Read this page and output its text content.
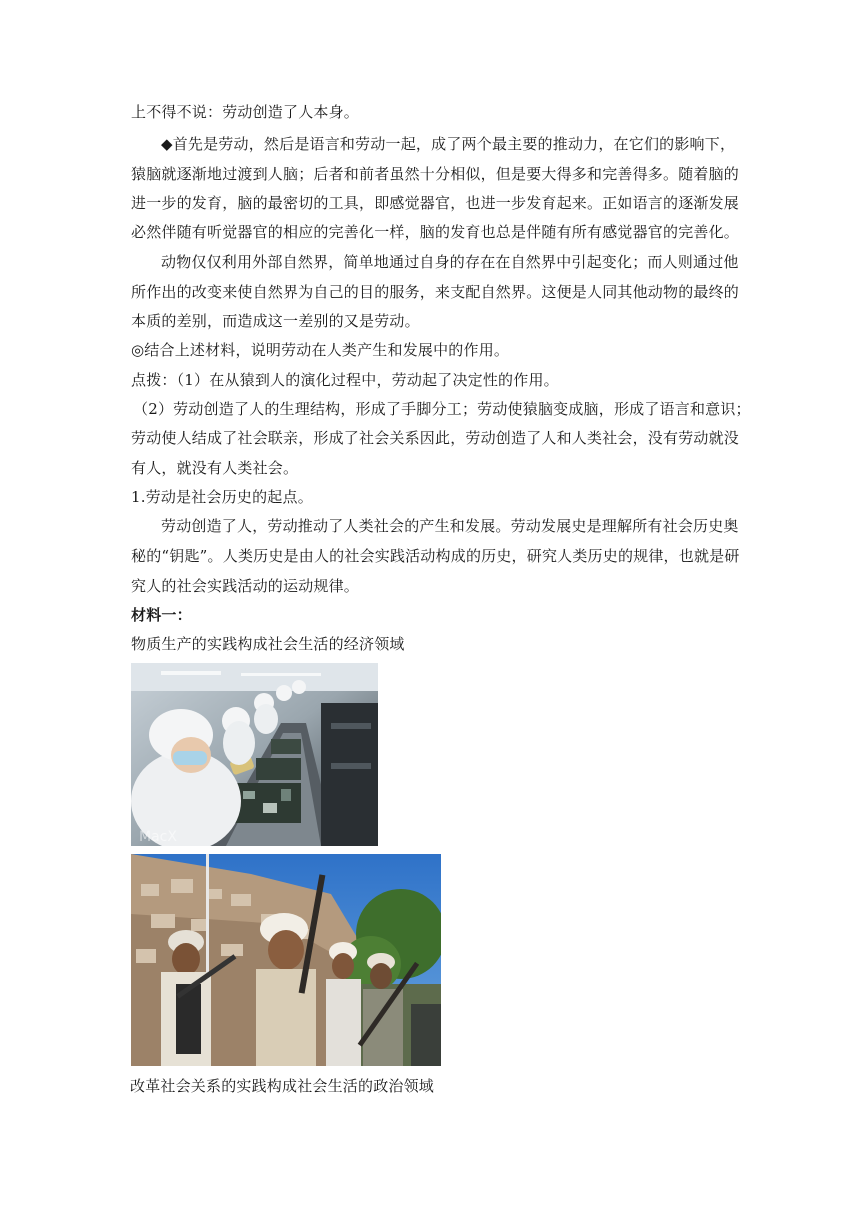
上不得不说：劳动创造了人本身。
◆首先是劳动，然后是语言和劳动一起，成了两个最主要的推动力，在它们的影响下，
猿脑就逐渐地过渡到人脑；后者和前者虽然十分相似，但是要大得多和完善得多。随着脑的
进一步的发育，脑的最密切的工具，即感觉器官，也进一步发育起来。正如语言的逐渐发展
必然伴随有听觉器官的相应的完善化一样，脑的发育也总是伴随有所有感觉器官的完善化。
动物仅仅利用外部自然界，简单地通过自身的存在在自然界中引起变化；而人则通过他
所作出的改变来使自然界为自己的目的服务，来支配自然界。这便是人同其他动物的最终的
本质的差别，而造成这一差别的又是劳动。
◎结合上述材料，说明劳动在人类产生和发展中的作用。
点拨：（1）在从猿到人的演化过程中，劳动起了决定性的作用。
（2）劳动创造了人的生理结构，形成了手脚分工；劳动使猿脑变成脑，形成了语言和意识；
劳动使人结成了社会联亲，形成了社会关系因此，劳动创造了人和人类社会，没有劳动就没
有人，就没有人类社会。
1.劳动是社会历史的起点。
劳动创造了人，劳动推动了人类社会的产生和发展。劳动发展史是理解所有社会历史奥
秘的“钥匙”。人类历史是由人的社会实践活动构成的历史，研究人类历史的规律，也就是研
究人的社会实践活动的运动规律。
材料一：
物质生产的实践构成社会生活的经济领域
MacX
改革社会关系的实践构成社会生活的政治领域
